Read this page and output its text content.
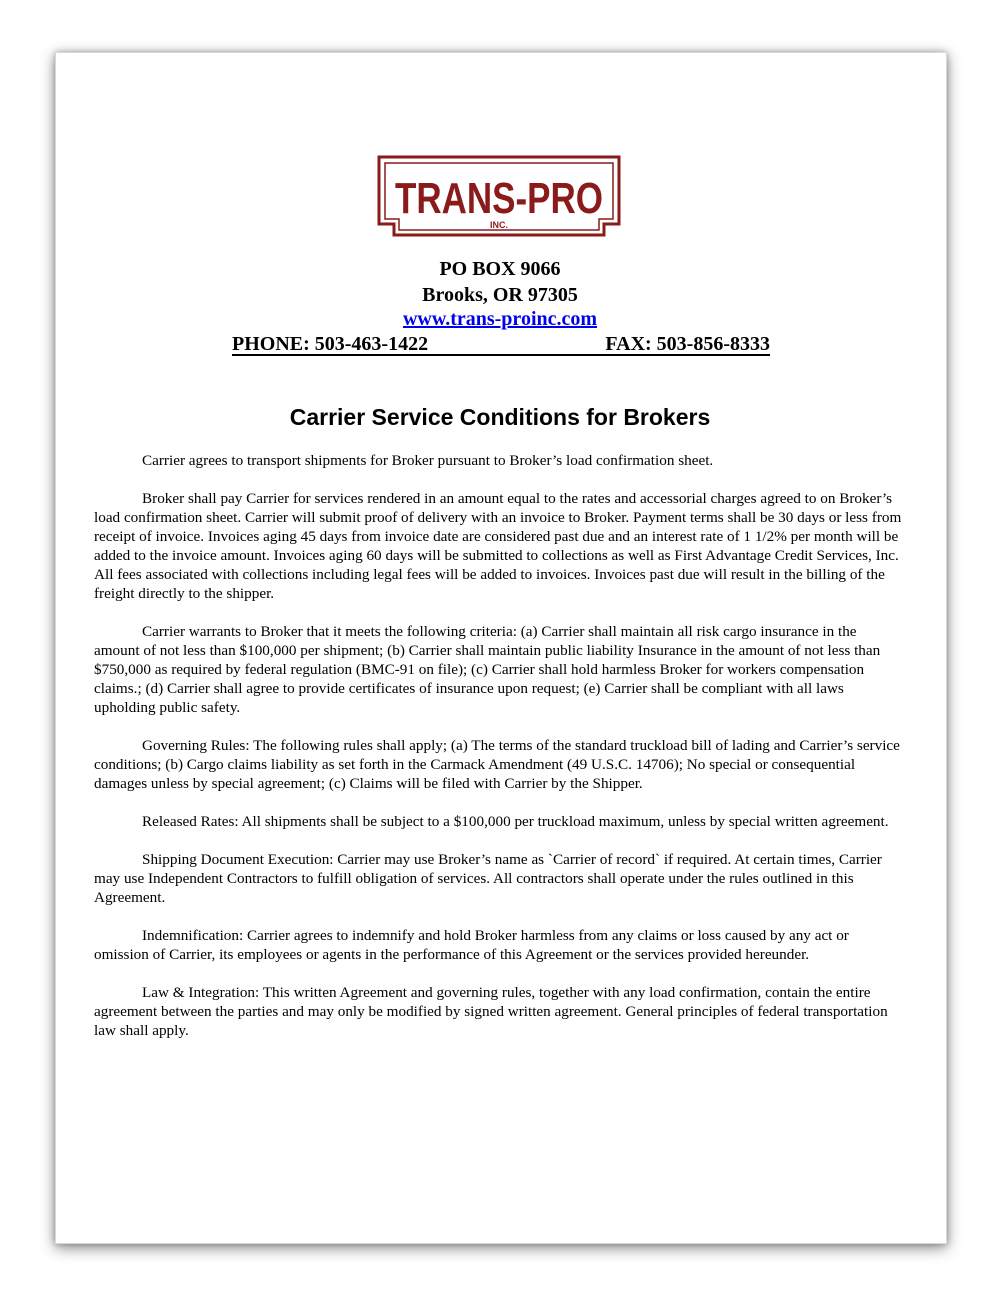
TRANS-PRO
INC.
PO BOX 9066
Brooks, OR 97305
www.trans-proinc.com
PHONE: 503-463-1422	FAX: 503-856-8333
Carrier Service Conditions for Brokers

Carrier agrees to transport shipments for Broker pursuant to Broker’s load confirmation sheet.

Broker shall pay Carrier for services rendered in an amount equal to the rates and accessorial charges agreed to on Broker’s load confirmation sheet. Carrier will submit proof of delivery with an invoice to Broker. Payment terms shall be 30 days or less from receipt of invoice. Invoices aging 45 days from invoice date are considered past due and an interest rate of 1 1/2% per month will be added to the invoice amount. Invoices aging 60 days will be submitted to collections as well as First Advantage Credit Services, Inc. All fees associated with collections including legal fees will be added to invoices. Invoices past due will result in the billing of the freight directly to the shipper.

Carrier warrants to Broker that it meets the following criteria: (a) Carrier shall maintain all risk cargo insurance in the amount of not less than $100,000 per shipment; (b) Carrier shall maintain public liability Insurance in the amount of not less than $750,000 as required by federal regulation (BMC-91 on file); (c) Carrier shall hold harmless Broker for workers compensation claims.; (d) Carrier shall agree to provide certificates of insurance upon request; (e) Carrier shall be compliant with all laws upholding public safety.

Governing Rules: The following rules shall apply; (a) The terms of the standard truckload bill of lading and Carrier’s service conditions; (b) Cargo claims liability as set forth in the Carmack Amendment (49 U.S.C. 14706); No special or consequential damages unless by special agreement; (c) Claims will be filed with Carrier by the Shipper.

Released Rates: All shipments shall be subject to a $100,000 per truckload maximum, unless by special written agreement.

Shipping Document Execution: Carrier may use Broker’s name as `Carrier of record` if required. At certain times, Carrier may use Independent Contractors to fulfill obligation of services. All contractors shall operate under the rules outlined in this Agreement.

Indemnification: Carrier agrees to indemnify and hold Broker harmless from any claims or loss caused by any act or omission of Carrier, its employees or agents in the performance of this Agreement or the services provided hereunder.

Law & Integration: This written Agreement and governing rules, together with any load confirmation, contain the entire agreement between the parties and may only be modified by signed written agreement. General principles of federal transportation law shall apply.
